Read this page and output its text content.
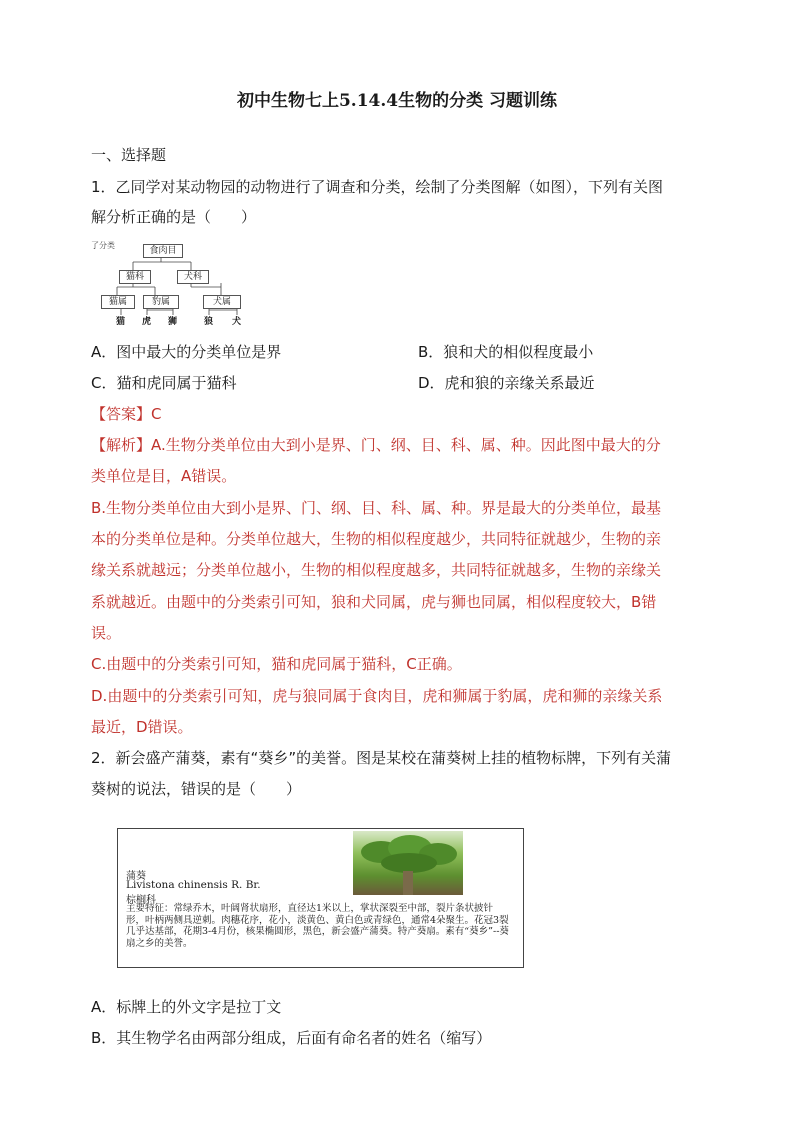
初中生物七上5.14.4生物的分类 习题训练
一、选择题
1．乙同学对某动物园的动物进行了调查和分类，绘制了分类图解（如图），下列有关图
解分析正确的是（　　）
了分类
食肉目
猫科	犬科
猫属	豹属	犬属
猫 虎 狮	狼 犬
A．图中最大的分类单位是界	B．狼和犬的相似程度最小
C．猫和虎同属于猫科	D．虎和狼的亲缘关系最近
【答案】C
【解析】A.生物分类单位由大到小是界、门、纲、目、科、属、种。因此图中最大的分
类单位是目，A错误。
B.生物分类单位由大到小是界、门、纲、目、科、属、种。界是最大的分类单位，最基
本的分类单位是种。分类单位越大，生物的相似程度越少，共同特征就越少，生物的亲
缘关系就越远；分类单位越小，生物的相似程度越多，共同特征就越多，生物的亲缘关
系就越近。由题中的分类索引可知，狼和犬同属，虎与狮也同属，相似程度较大，B错
误。
C.由题中的分类索引可知，猫和虎同属于猫科，C正确。
D.由题中的分类索引可知，虎与狼同属于食肉目，虎和狮属于豹属，虎和狮的亲缘关系
最近，D错误。
2．新会盛产蒲葵，素有“葵乡”的美誉。图是某校在蒲葵树上挂的植物标牌，下列有关蒲
葵树的说法，错误的是（　　）
蒲葵
Livistona chinensis R. Br.
棕榈科
主要特征：常绿乔木，叶阔肾状扇形，直径达1米以上，掌状深裂至中部，裂片条状披针形，叶柄两侧具逆刺。肉穗花序，花小，淡黄色、黄白色或青绿色，通常4朵聚生。花冠3裂几乎达基部，花期3-4月份，核果椭圆形，黑色，新会盛产蒲葵。特产葵扇。素有“葵乡”--葵扇之乡的美誉。
A．标牌上的外文字是拉丁文
B．其生物学名由两部分组成，后面有命名者的姓名（缩写）
